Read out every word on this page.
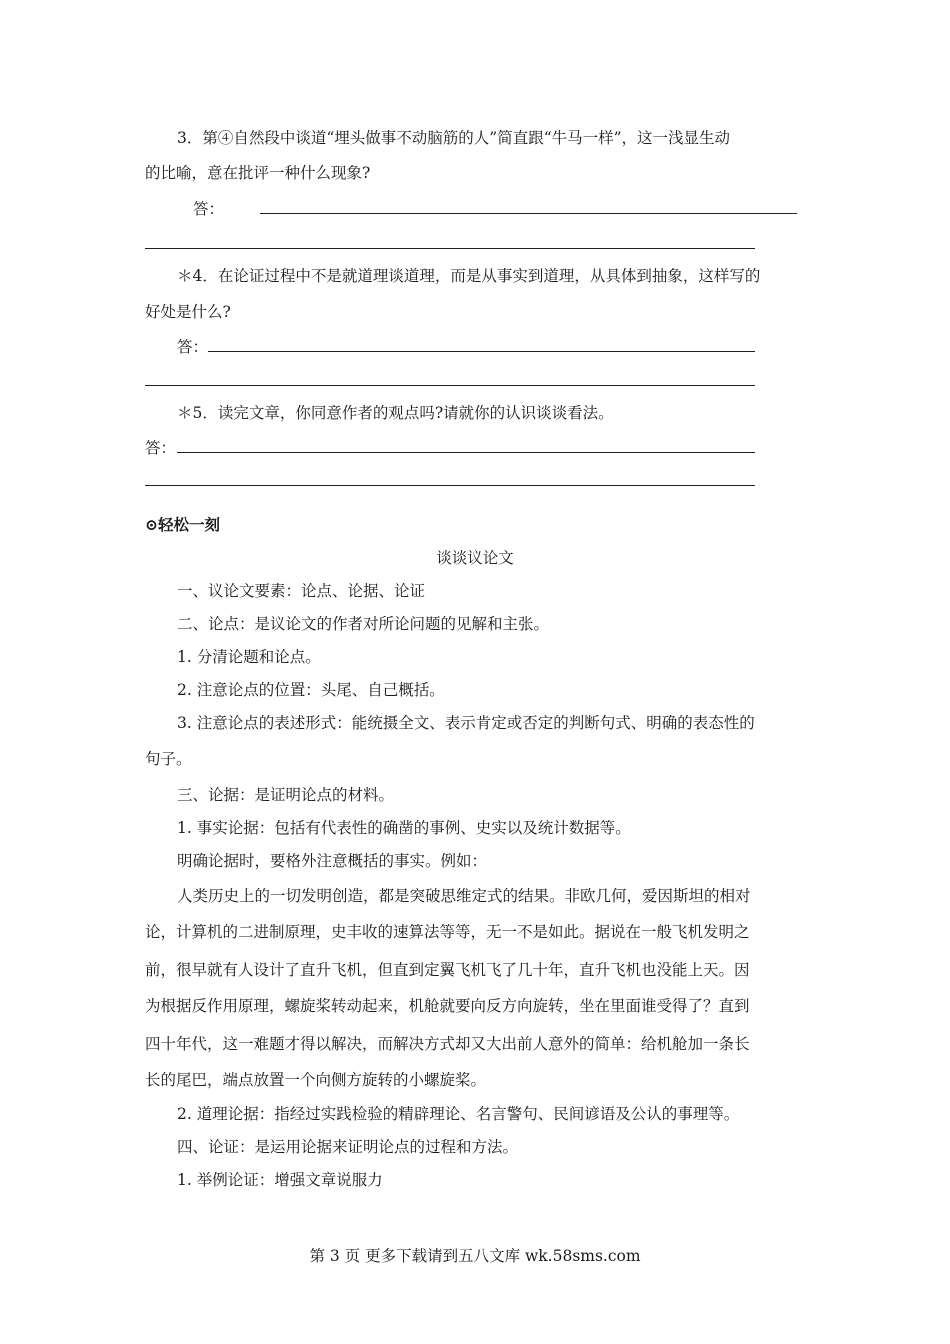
3．第④自然段中谈道“埋头做事不动脑筋的人”简直跟“牛马一样”，这一浅显生动
的比喻，意在批评一种什么现象?
答：
＊4．在论证过程中不是就道理谈道理，而是从事实到道理，从具体到抽象，这样写的
好处是什么?
答：
＊5．读完文章，你同意作者的观点吗?请就你的认识谈谈看法。
答：
⊙轻松一刻
谈谈议论文
一、议论文要素：论点、论据、论证
二、论点：是议论文的作者对所论问题的见解和主张。
1. 分清论题和论点。
2. 注意论点的位置：头尾、自己概括。
3. 注意论点的表述形式：能统摄全文、表示肯定或否定的判断句式、明确的表态性的
句子。
三、论据：是证明论点的材料。
1. 事实论据：包括有代表性的确凿的事例、史实以及统计数据等。
明确论据时，要格外注意概括的事实。例如：
人类历史上的一切发明创造，都是突破思维定式的结果。非欧几何，爱因斯坦的相对
论，计算机的二进制原理，史丰收的速算法等等，无一不是如此。据说在一般飞机发明之
前，很早就有人设计了直升飞机，但直到定翼飞机飞了几十年，直升飞机也没能上天。因
为根据反作用原理，螺旋桨转动起来，机舱就要向反方向旋转，坐在里面谁受得了？直到
四十年代，这一难题才得以解决，而解决方式却又大出前人意外的简单：给机舱加一条长
长的尾巴，端点放置一个向侧方旋转的小螺旋桨。
2. 道理论据：指经过实践检验的精辟理论、名言警句、民间谚语及公认的事理等。
四、论证：是运用论据来证明论点的过程和方法。
1. 举例论证：增强文章说服力
第 3 页 更多下载请到五八文库 wk.58sms.com
